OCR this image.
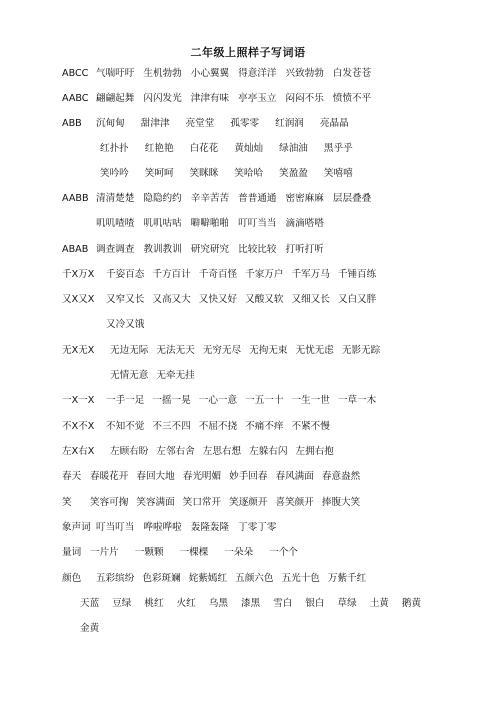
二年级上照样子写词语
ABCC 气喘吁吁 生机勃勃 小心翼翼 得意洋洋 兴致勃勃 白发苍苍
AABC 翩翩起舞 闪闪发光 津津有味 亭亭玉立 闷闷不乐 愤愤不平
ABB 沉甸甸 甜津津 亮堂堂 孤零零 红润润 亮晶晶
红扑扑 红艳艳 白花花 黄灿灿 绿油油 黑乎乎
笑吟吟 笑呵呵 笑眯眯 笑哈哈 笑盈盈 笑嘻嘻
AABB 清清楚楚 隐隐约约 辛辛苦苦 普普通通 密密麻麻 层层叠叠
叽叽喳喳 叽叽咕咕 噼噼啪啪 叮叮当当 滴滴嗒嗒
ABAB 调查调查 教训教训 研究研究 比较比较 打听打听
千X万X 千姿百态 千方百计 千奇百怪 千家万户 千军万马 千锤百练
又X又X 又窄又长 又高又大 又快又好 又酸又软 又细又长 又白又胖
又冷又饿
无X无X 无边无际 无法无天 无穷无尽 无拘无束 无忧无虑 无影无踪
无情无意 无牵无挂
一X一X 一手一足 一摇一晃 一心一意 一五一十 一生一世 一草一木
不X不X 不知不觉 不三不四 不屈不挠 不痛不痒 不紧不慢
左X右X 左顾右盼 左邻右舍 左思右想 左躲右闪 左拥右抱
春天 春暖花开 春回大地 春光明媚 妙手回春 春风满面 春意盎然
笑 笑容可掬 笑容满面 笑口常开 笑逐颜开 喜笑颜开 捧腹大笑
象声词 叮当叮当 哗啦哗啦 轰隆轰隆 丁零丁零
量词 一片片 一颗颗 一棵棵 一朵朵 一个个
颜色 五彩缤纷 色彩斑斓 姹紫嫣红 五颜六色 五光十色 万紫千红
天蓝 豆绿 桃红 火红 乌黑 漆黑 雪白 银白 草绿 土黄 鹅黄
金黄
